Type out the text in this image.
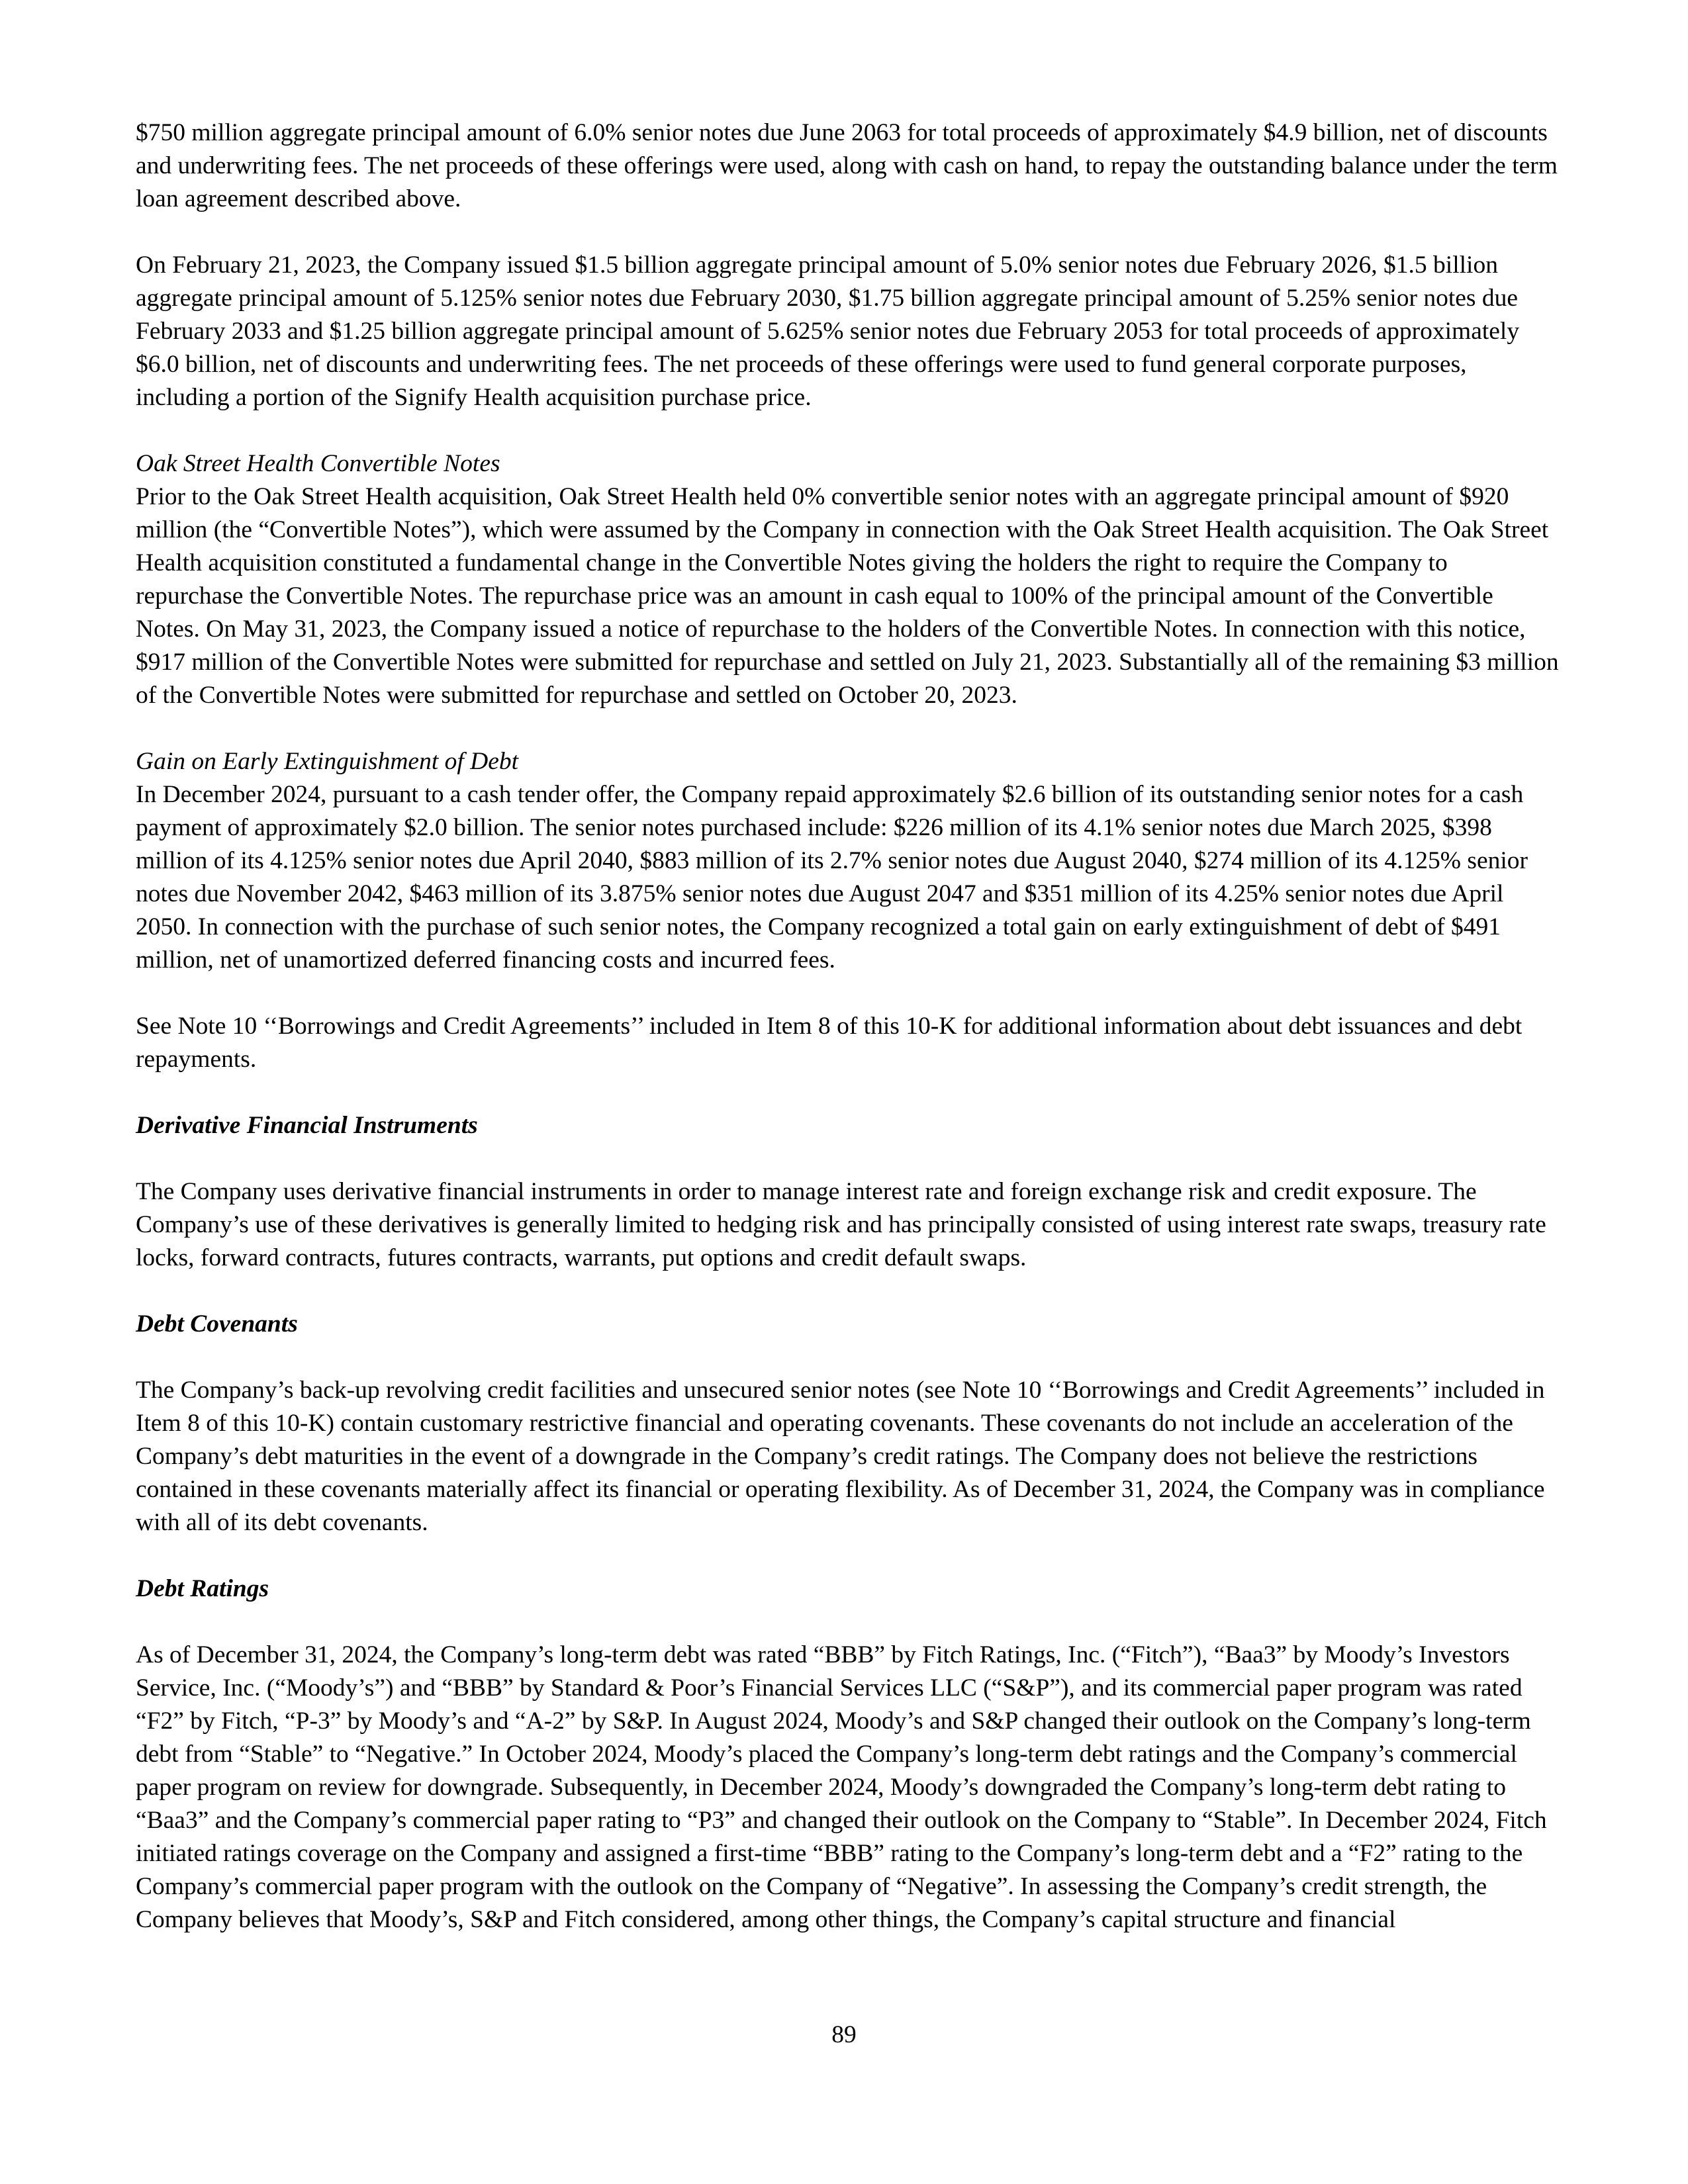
$750 million aggregate principal amount of 6.0% senior notes due June 2063 for total proceeds of approximately $4.9 billion, net of discounts and underwriting fees. The net proceeds of these offerings were used, along with cash on hand, to repay the outstanding balance under the term loan agreement described above.

On February 21, 2023, the Company issued $1.5 billion aggregate principal amount of 5.0% senior notes due February 2026, $1.5 billion aggregate principal amount of 5.125% senior notes due February 2030, $1.75 billion aggregate principal amount of 5.25% senior notes due February 2033 and $1.25 billion aggregate principal amount of 5.625% senior notes due February 2053 for total proceeds of approximately $6.0 billion, net of discounts and underwriting fees. The net proceeds of these offerings were used to fund general corporate purposes, including a portion of the Signify Health acquisition purchase price.

Oak Street Health Convertible Notes
Prior to the Oak Street Health acquisition, Oak Street Health held 0% convertible senior notes with an aggregate principal amount of $920 million (the “Convertible Notes”), which were assumed by the Company in connection with the Oak Street Health acquisition. The Oak Street Health acquisition constituted a fundamental change in the Convertible Notes giving the holders the right to require the Company to repurchase the Convertible Notes. The repurchase price was an amount in cash equal to 100% of the principal amount of the Convertible Notes. On May 31, 2023, the Company issued a notice of repurchase to the holders of the Convertible Notes. In connection with this notice, $917 million of the Convertible Notes were submitted for repurchase and settled on July 21, 2023. Substantially all of the remaining $3 million of the Convertible Notes were submitted for repurchase and settled on October 20, 2023.

Gain on Early Extinguishment of Debt
In December 2024, pursuant to a cash tender offer, the Company repaid approximately $2.6 billion of its outstanding senior notes for a cash payment of approximately $2.0 billion. The senior notes purchased include: $226 million of its 4.1% senior notes due March 2025, $398 million of its 4.125% senior notes due April 2040, $883 million of its 2.7% senior notes due August 2040, $274 million of its 4.125% senior notes due November 2042, $463 million of its 3.875% senior notes due August 2047 and $351 million of its 4.25% senior notes due April 2050. In connection with the purchase of such senior notes, the Company recognized a total gain on early extinguishment of debt of $491 million, net of unamortized deferred financing costs and incurred fees.

See Note 10 ‘‘Borrowings and Credit Agreements’’ included in Item 8 of this 10-K for additional information about debt issuances and debt repayments.

Derivative Financial Instruments

The Company uses derivative financial instruments in order to manage interest rate and foreign exchange risk and credit exposure. The Company’s use of these derivatives is generally limited to hedging risk and has principally consisted of using interest rate swaps, treasury rate locks, forward contracts, futures contracts, warrants, put options and credit default swaps.

Debt Covenants

The Company’s back-up revolving credit facilities and unsecured senior notes (see Note 10 ‘‘Borrowings and Credit Agreements’’ included in Item 8 of this 10-K) contain customary restrictive financial and operating covenants. These covenants do not include an acceleration of the Company’s debt maturities in the event of a downgrade in the Company’s credit ratings. The Company does not believe the restrictions contained in these covenants materially affect its financial or operating flexibility. As of December 31, 2024, the Company was in compliance with all of its debt covenants.

Debt Ratings

As of December 31, 2024, the Company’s long-term debt was rated “BBB” by Fitch Ratings, Inc. (“Fitch”), “Baa3” by Moody’s Investors Service, Inc. (“Moody’s”) and “BBB” by Standard & Poor’s Financial Services LLC (“S&P”), and its commercial paper program was rated “F2” by Fitch, “P-3” by Moody’s and “A-2” by S&P. In August 2024, Moody’s and S&P changed their outlook on the Company’s long-term debt from “Stable” to “Negative.” In October 2024, Moody’s placed the Company’s long-term debt ratings and the Company’s commercial paper program on review for downgrade. Subsequently, in December 2024, Moody’s downgraded the Company’s long-term debt rating to “Baa3” and the Company’s commercial paper rating to “P3” and changed their outlook on the Company to “Stable”. In December 2024, Fitch initiated ratings coverage on the Company and assigned a first-time “BBB” rating to the Company’s long-term debt and a “F2” rating to the Company’s commercial paper program with the outlook on the Company of “Negative”. In assessing the Company’s credit strength, the Company believes that Moody’s, S&P and Fitch considered, among other things, the Company’s capital structure and financial

89
